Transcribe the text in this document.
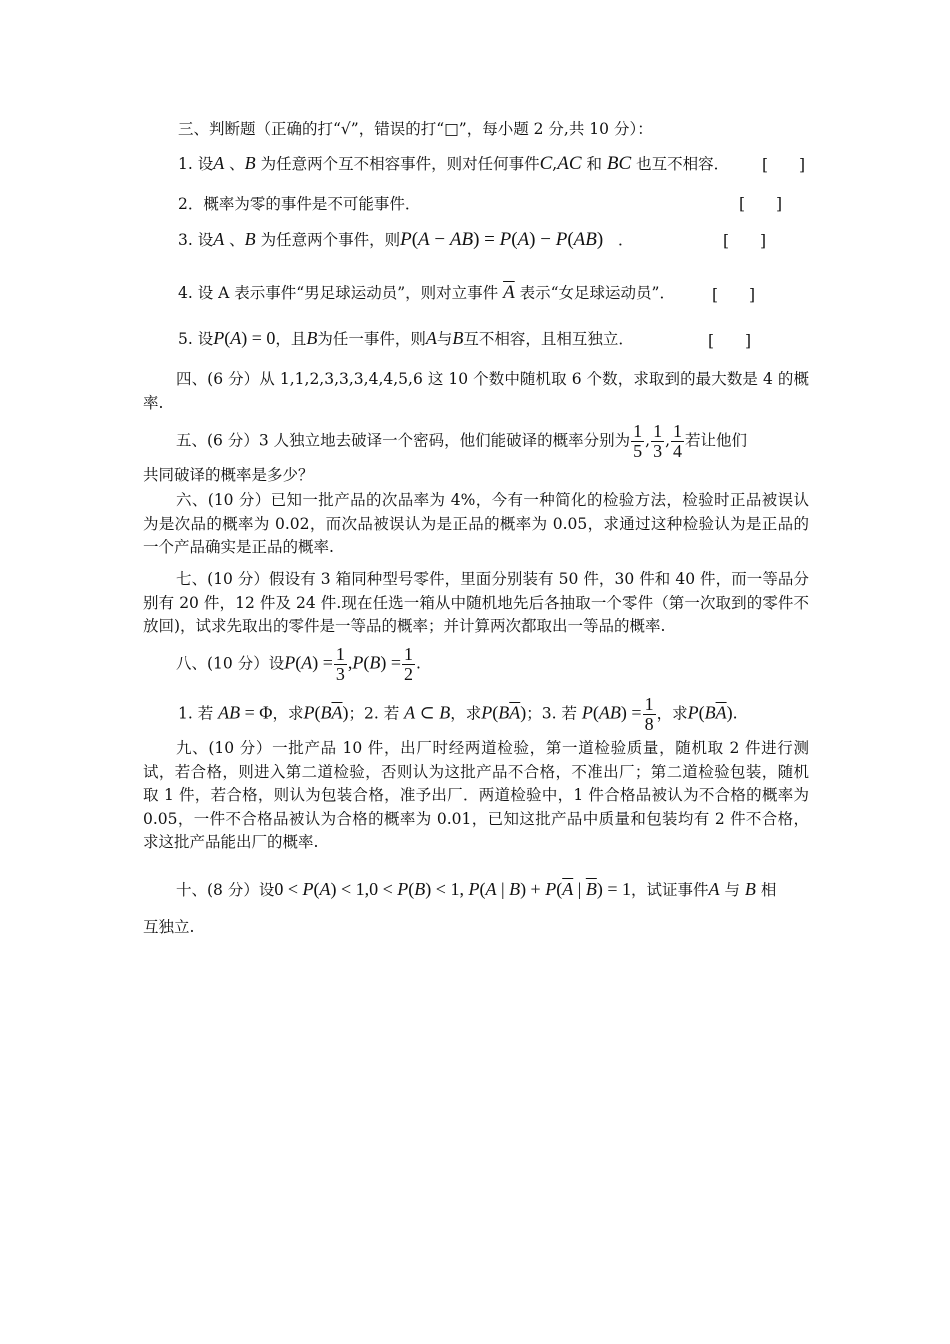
三、判断题（正确的打“√”，错误的打“□”，每小题 2 分,共 10 分）：
1. 设A 、B 为任意两个互不相容事件，则对任何事件C,AC 和 BC 也互不相容． [　　]
2．概率为零的事件是不可能事件．	[　　]
3. 设A 、B 为任意两个事件，则P(A − AB) = P(A) − P(AB) ．	[　　]
4. 设 A 表示事件“男足球运动员”，则对立事件 $\overline{A}$ 表示“女足球运动员”． [　　]
5. 设P(A) = 0，且B为任一事件，则A与B互不相容，且相互独立．	[　　]
四、(6 分）从 1,1,2,3,3,3,4,4,5,6 这 10 个数中随机取 6 个数，求取到的最大数是 4 的概率.
五、(6 分）3 人独立地去破译一个密码，他们能破译的概率分别为 $\frac{1}{5}$ , $\frac{1}{3}$ , $\frac{1}{4}$ 若让他们
共同破译的概率是多少？
六、(10 分）已知一批产品的次品率为 4%，今有一种简化的检验方法，检验时正品被误认为是次品的概率为 0.02，而次品被误认为是正品的概率为 0.05，求通过这种检验认为是正品的一个产品确实是正品的概率.
七、(10 分）假设有 3 箱同种型号零件，里面分别装有 50 件，30 件和 40 件，而一等品分别有 20 件，12 件及 24 件.现在任选一箱从中随机地先后各抽取一个零件（第一次取到的零件不放回)，试求先取出的零件是一等品的概率；并计算两次都取出一等品的概率.
八、(10 分）设$P(A) = \frac{1}{3} ,P(B) = \frac{1}{2}$ .
1. 若 AB = Φ，求$P(B\overline{A})$；2. 若 A ⊂ B，求$P(B\overline{A})$；3. 若 $P(AB) = \frac{1}{8}$ ，求$P(B\overline{A})$.
九、(10 分）一批产品 10 件，出厂时经两道检验，第一道检验质量，随机取 2 件进行测试，若合格，则进入第二道检验，否则认为这批产品不合格，不准出厂；第二道检验包装，随机取 1 件，若合格，则认为包装合格，准予出厂．两道检验中，1 件合格品被认为不合格的概率为 0.05，一件不合格品被认为合格的概率为 0.01，已知这批产品中质量和包装均有 2 件不合格，求这批产品能出厂的概率.
十、(8 分）设0 < P(A) < 1,0 < P(B) < 1, P(A | $B) + P(\overline{A}$ | $\overline{B}) = 1$，试证事件A 与 B 相
互独立.
